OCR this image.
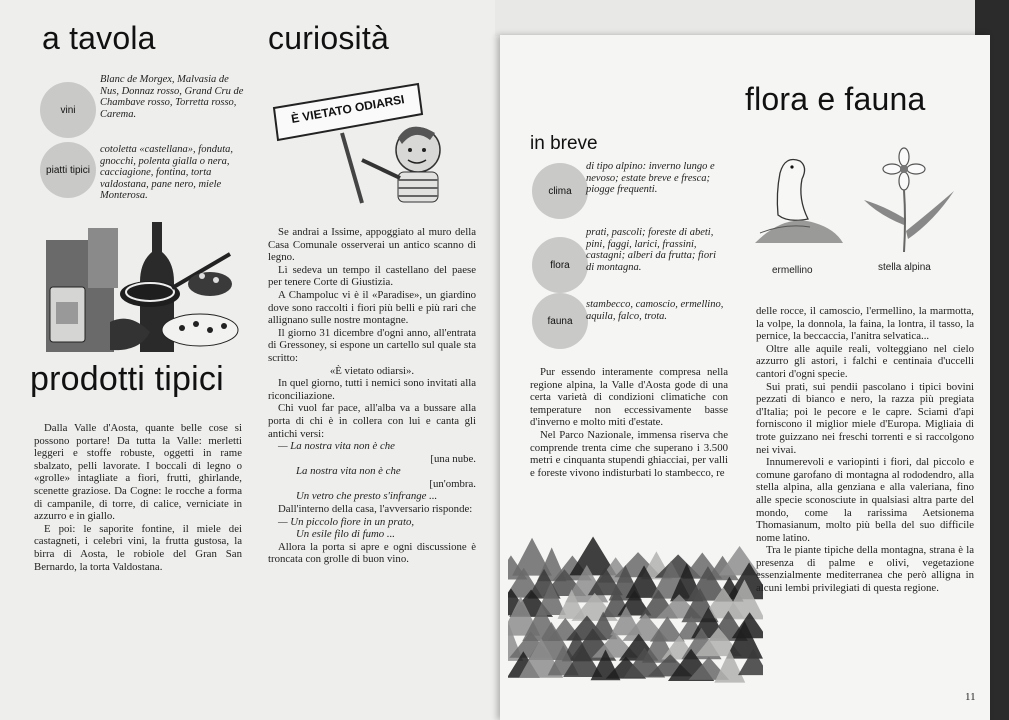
a tavola	curiosità
vini
Blanc de Morgex, Malvasia de Nus, Donnaz rosso, Grand Cru de Chambave rosso, Torretta rosso, Carema.
piatti tipici
cotoletta «castellana», fonduta, gnocchi, polenta gialla o nera, cacciagione, fontina, torta valdostana, pane nero, miele Monterosa.
È VIETATO ODIARSI
prodotti tipici

Dalla Valle d'Aosta, quante belle cose si possono portare! Da tutta la Valle: merletti leggeri e stoffe robuste, oggetti in rame sbalzato, pelli lavorate. I boccali di legno o «grolle» intagliate a fiori, frutti, ghirlande, scenette graziose. Da Cogne: le rocche a forma di campanile, di torre, di calice, verniciate in azzurro e in giallo.

E poi: le saporite fontine, il miele dei castagneti, i celebri vini, la frutta gustosa, la birra di Aosta, le robiole del Gran San Bernardo, la torta Valdostana.

Se andrai a Issime, appoggiato al muro della Casa Comunale osserverai un antico scanno di legno.

Lì sedeva un tempo il castellano del paese per tenere Corte di Giustizia.

A Champoluc vi è il «Paradise», un giardino dove sono raccolti i fiori più belli e più rari che allignano sulle nostre montagne.

Il giorno 31 dicembre d'ogni anno, all'entrata di Gressoney, si espone un cartello sul quale sta scritto:

«È vietato odiarsi».

In quel giorno, tutti i nemici sono invitati alla riconciliazione.

Chi vuol far pace, all'alba va a bussare alla porta di chi è in collera con lui e canta gli antichi versi:

— La nostra vita non è che

[una nube.

La nostra vita non è che

[un'ombra.

Un vetro che presto s'infrange ...

Dall'interno della casa, l'avversario risponde:

— Un piccolo fiore in un prato,

Un esile filo di fumo ...

Allora la porta si apre e ogni discussione è troncata con grolle di buon vino.

flora e fauna
in breve
clima
di tipo alpino: inverno lungo e nevoso; estate breve e fresca; piogge frequenti.
flora
prati, pascoli; foreste di abeti, pini, faggi, larici, frassini, castagni; alberi da frutta; fiori di montagna.
fauna
stambecco, camoscio, ermellino, aquila, falco, trota.
ermellino	stella alpina

Pur essendo interamente compresa nella regione alpina, la Valle d'Aosta gode di una certa varietà di condizioni climatiche con temperature non eccessivamente basse d'inverno e molto miti d'estate.

Nel Parco Nazionale, immensa riserva che comprende trenta cime che superano i 3.500 metri e cinquanta stupendi ghiacciai, per valli e foreste vivono indisturbati lo stambecco, re

delle rocce, il camoscio, l'ermellino, la marmotta, la volpe, la donnola, la faina, la lontra, il tasso, la pernice, la beccaccia, l'anitra selvatica...

Oltre alle aquile reali, volteggiano nel cielo azzurro gli astori, i falchi e centinaia d'uccelli cantori d'ogni specie.

Sui prati, sui pendii pascolano i tipici bovini pezzati di bianco e nero, la razza più pregiata d'Italia; poi le pecore e le capre. Sciami d'api forniscono il miglior miele d'Europa. Migliaia di trote guizzano nei freschi torrenti e si raccolgono nei vivai.

Innumerevoli e variopinti i fiori, dal piccolo e comune garofano di montagna al rododendro, alla stella alpina, alla genziana e alla valeriana, fino alle specie sconosciute in qualsiasi altra parte del mondo, come la rarissima Aetsionema Thomasianum, molto più bella del suo difficile nome latino.

Tra le piante tipiche della montagna, strana è la presenza di palme e olivi, vegetazione essenzialmente mediterranea che però alligna in alcuni lembi privilegiati di questa regione.

11
